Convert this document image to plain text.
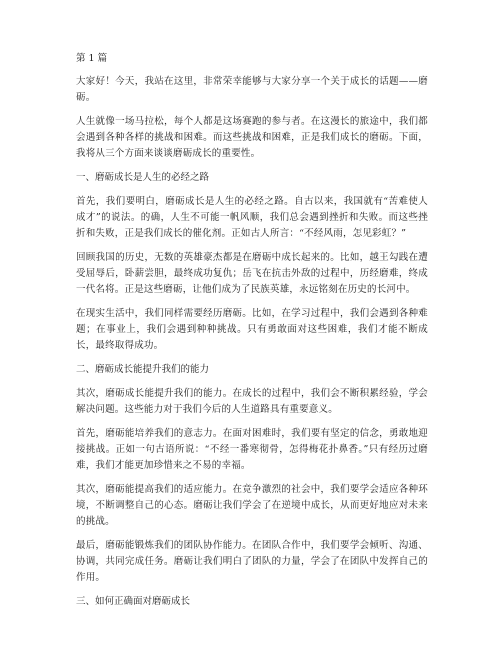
第 1 篇

大家好！今天，我站在这里，非常荣幸能够与大家分享一个关于成长的话题——磨砺。

人生就像一场马拉松，每个人都是这场赛跑的参与者。在这漫长的旅途中，我们都会遇到各种各样的挑战和困难。而这些挑战和困难，正是我们成长的磨砺。下面，我将从三个方面来谈谈磨砺成长的重要性。

一、磨砺成长是人生的必经之路

首先，我们要明白，磨砺成长是人生的必经之路。自古以来，我国就有“苦难使人成才”的说法。的确，人生不可能一帆风顺，我们总会遇到挫折和失败。而这些挫折和失败，正是我们成长的催化剂。正如古人所言：“不经风雨，怎见彩虹？”

回顾我国的历史，无数的英雄豪杰都是在磨砺中成长起来的。比如，越王勾践在遭受屈辱后，卧薪尝胆，最终成功复仇；岳飞在抗击外敌的过程中，历经磨难，终成一代名将。正是这些磨砺，让他们成为了民族英雄，永远铭刻在历史的长河中。

在现实生活中，我们同样需要经历磨砺。比如，在学习过程中，我们会遇到各种难题；在事业上，我们会遇到种种挑战。只有勇敢面对这些困难，我们才能不断成长，最终取得成功。

二、磨砺成长能提升我们的能力

其次，磨砺成长能提升我们的能力。在成长的过程中，我们会不断积累经验，学会解决问题。这些能力对于我们今后的人生道路具有重要意义。

首先，磨砺能培养我们的意志力。在面对困难时，我们要有坚定的信念，勇敢地迎接挑战。正如一句古语所说：“不经一番寒彻骨，怎得梅花扑鼻香。”只有经历过磨难，我们才能更加珍惜来之不易的幸福。

其次，磨砺能提高我们的适应能力。在竞争激烈的社会中，我们要学会适应各种环境，不断调整自己的心态。磨砺让我们学会了在逆境中成长，从而更好地应对未来的挑战。

最后，磨砺能锻炼我们的团队协作能力。在团队合作中，我们要学会倾听、沟通、协调，共同完成任务。磨砺让我们明白了团队的力量，学会了在团队中发挥自己的作用。

三、如何正确面对磨砺成长
